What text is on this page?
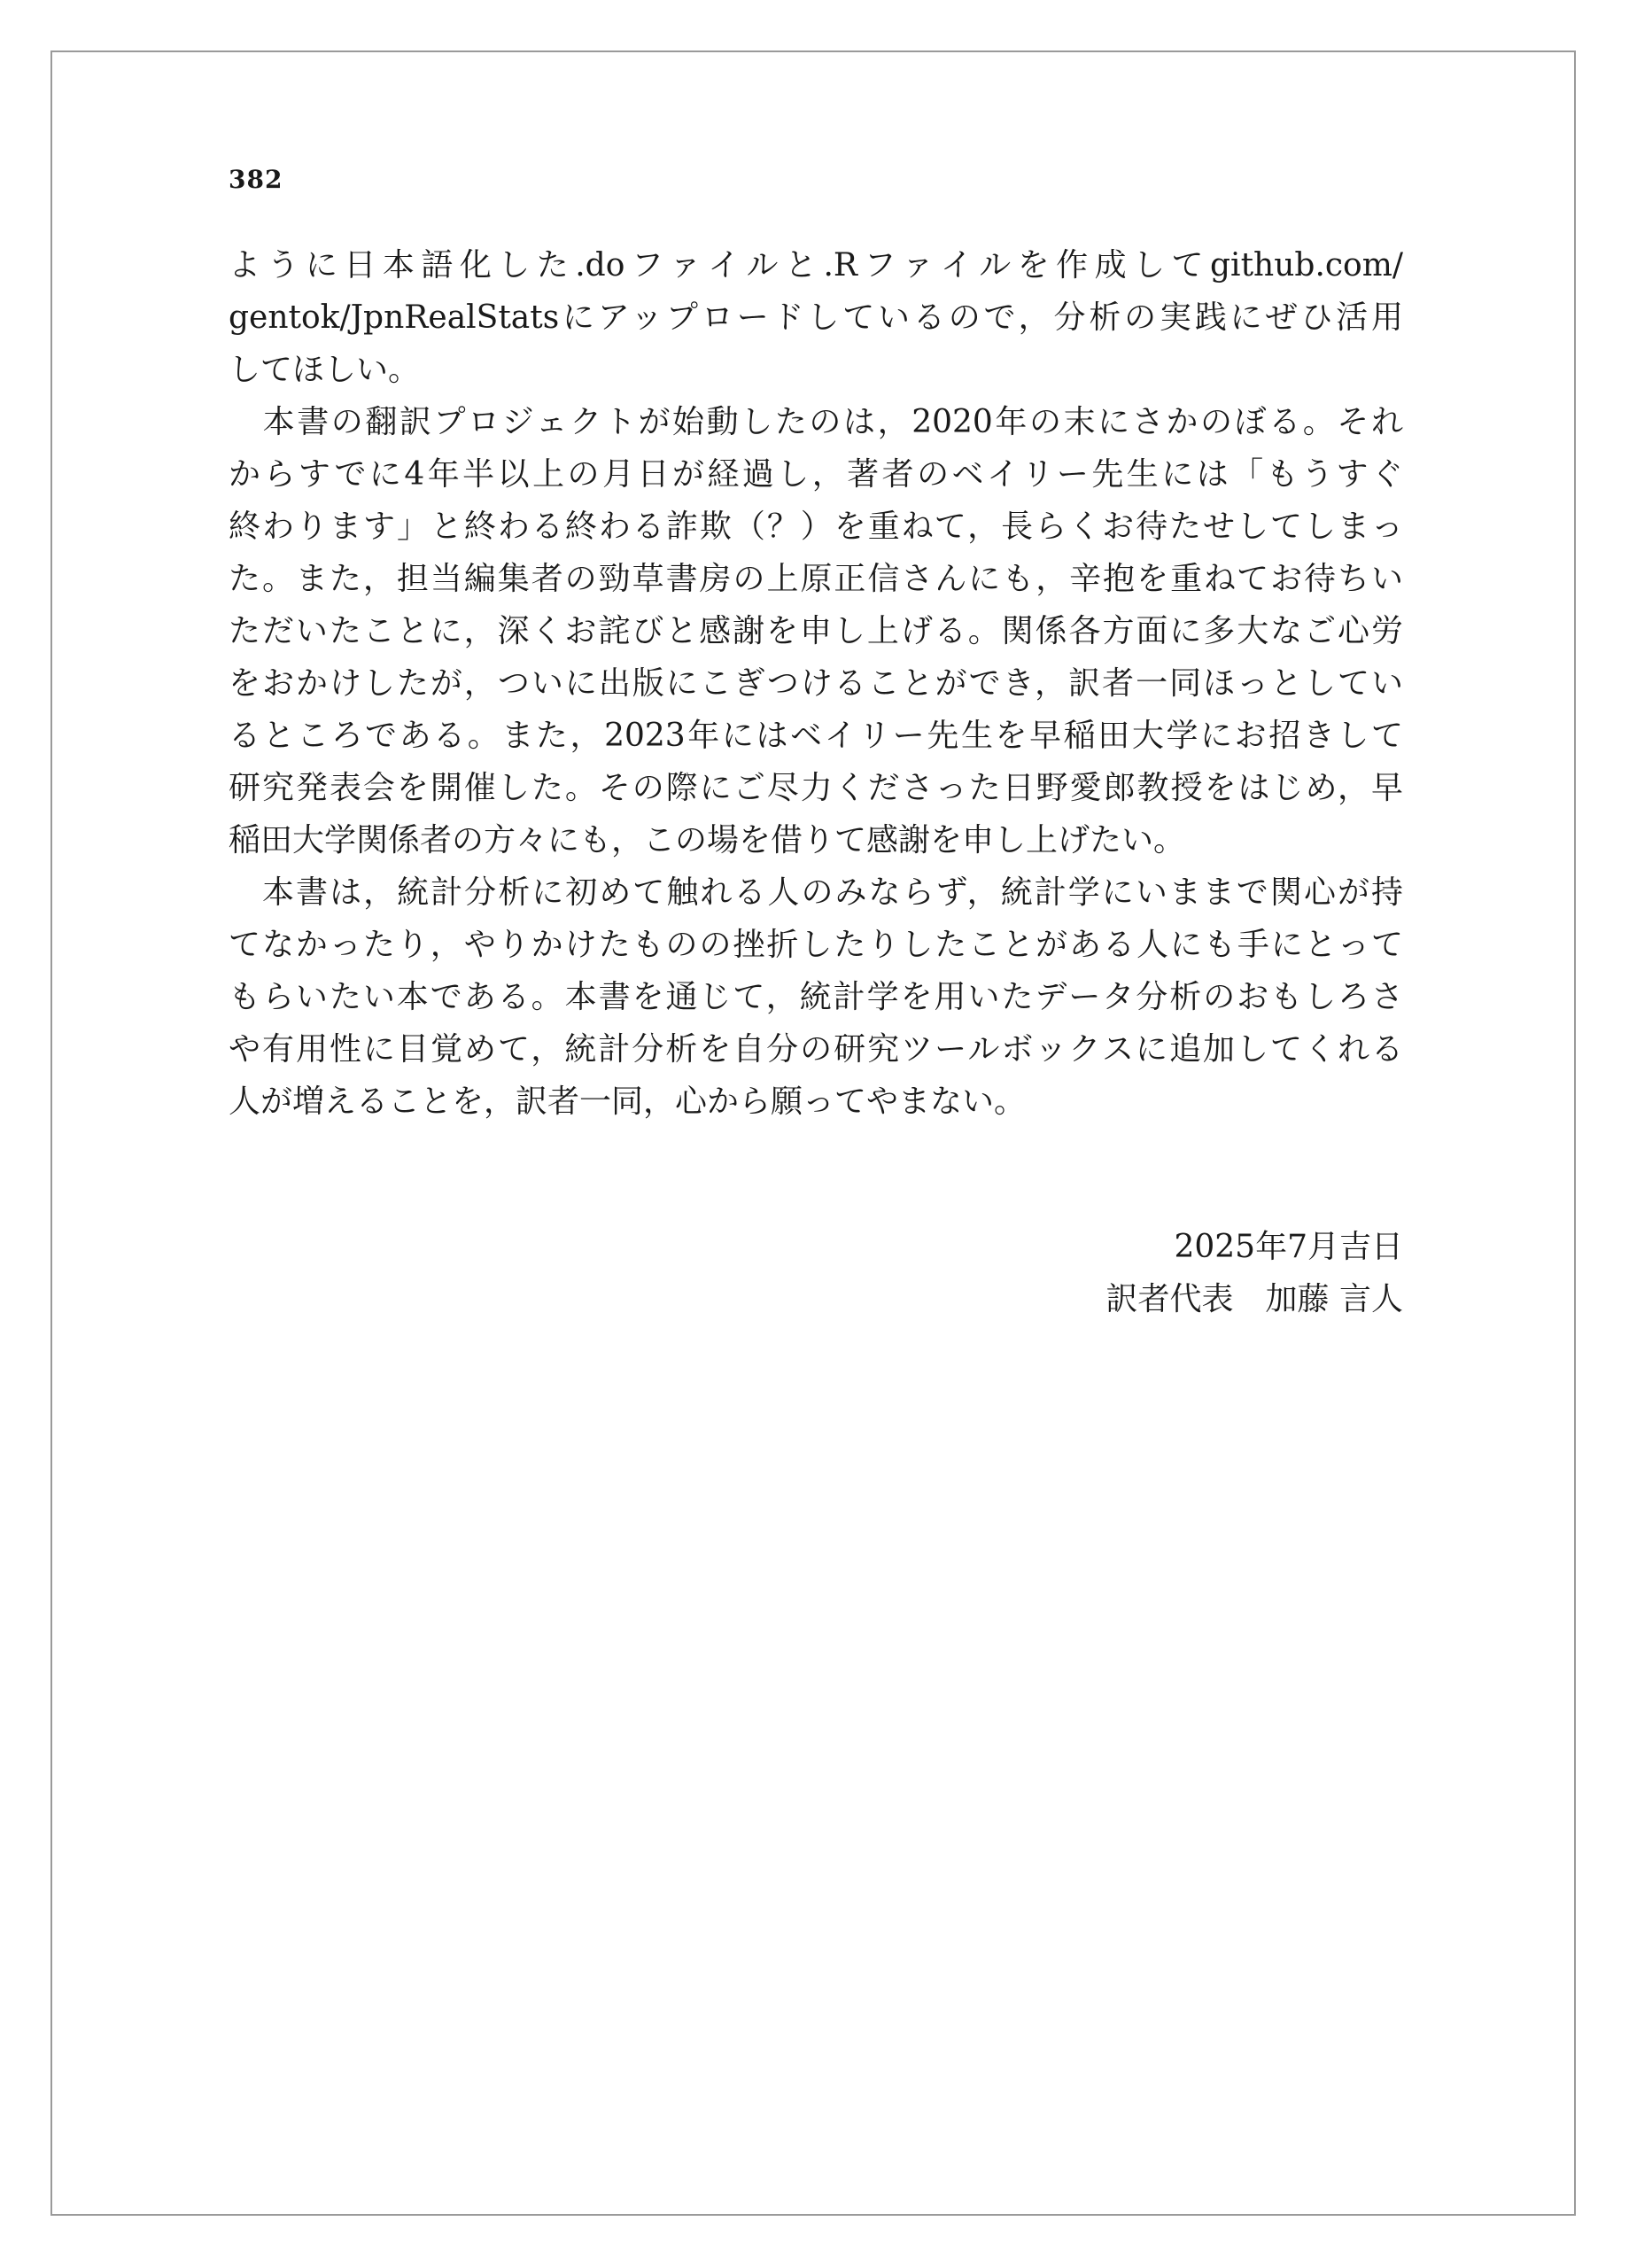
382
ように日本語化した.doファイルと.Rファイルを作成してgithub.com/
gentok/JpnRealStatsにアップロードしているので，分析の実践にぜひ活用
してほしい。
　本書の翻訳プロジェクトが始動したのは，2020年の末にさかのぼる。それ
からすでに4年半以上の月日が経過し，著者のベイリー先生には「もうすぐ
終わります」と終わる終わる詐欺（？）を重ねて，長らくお待たせしてしまっ
た。また，担当編集者の勁草書房の上原正信さんにも，辛抱を重ねてお待ちい
ただいたことに，深くお詫びと感謝を申し上げる。関係各方面に多大なご心労
をおかけしたが，ついに出版にこぎつけることができ，訳者一同ほっとしてい
るところである。また，2023年にはベイリー先生を早稲田大学にお招きして
研究発表会を開催した。その際にご尽力くださった日野愛郎教授をはじめ，早
稲田大学関係者の方々にも，この場を借りて感謝を申し上げたい。
　本書は，統計分析に初めて触れる人のみならず，統計学にいままで関心が持
てなかったり，やりかけたものの挫折したりしたことがある人にも手にとって
もらいたい本である。本書を通じて，統計学を用いたデータ分析のおもしろさ
や有用性に目覚めて，統計分析を自分の研究ツールボックスに追加してくれる
人が増えることを，訳者一同，心から願ってやまない。
2025年7月吉日
訳者代表　加藤 言人
